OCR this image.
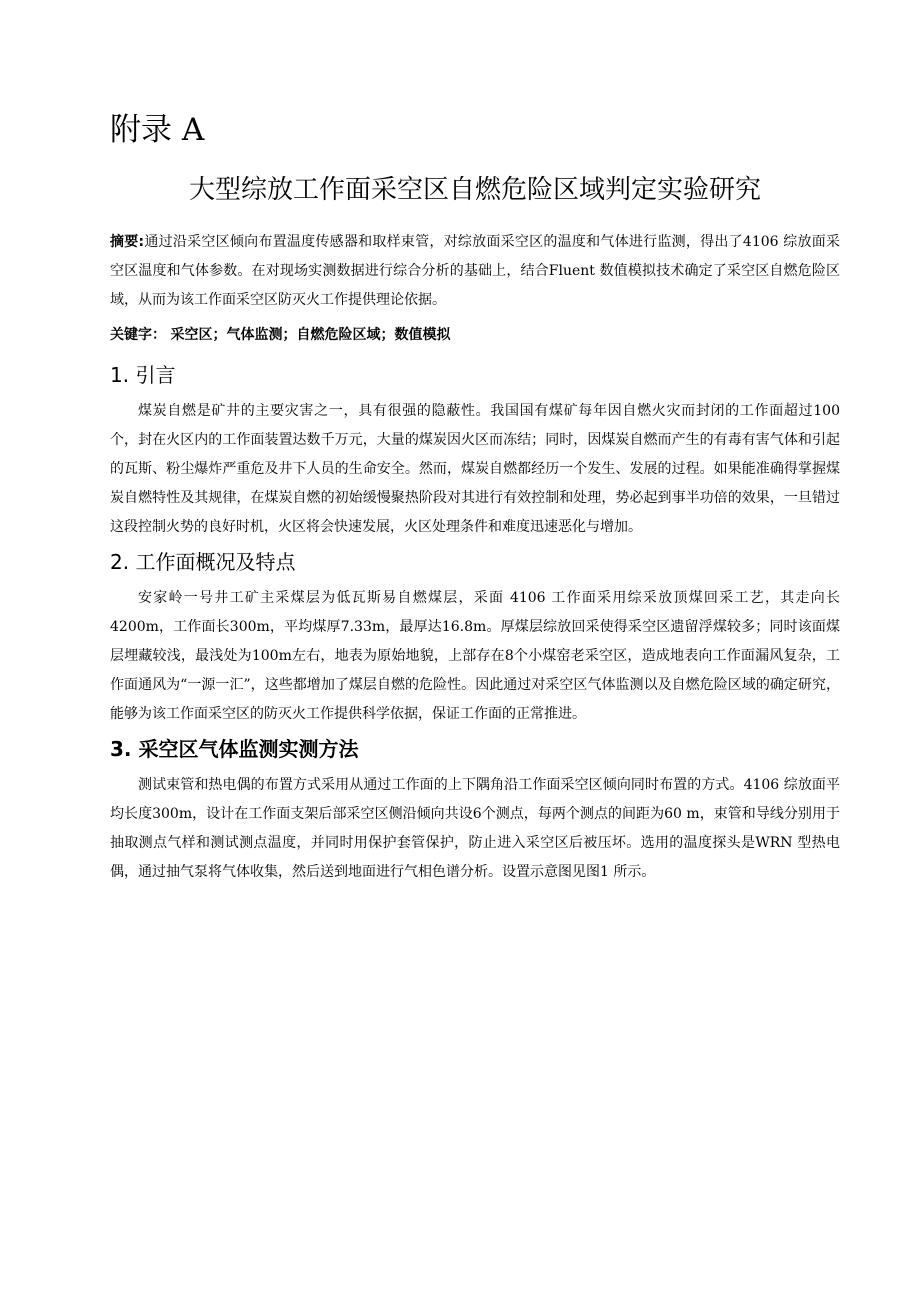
附录 A
大型综放工作面采空区自燃危险区域判定实验研究

摘要:通过沿采空区倾向布置温度传感器和取样束管，对综放面采空区的温度和气体进行监测，得出了4106 综放面采空区温度和气体参数。在对现场实测数据进行综合分析的基础上，结合Fluent 数值模拟技术确定了采空区自燃危险区域，从而为该工作面采空区防灭火工作提供理论依据。

关键字： 采空区；气体监测；自燃危险区域；数值模拟

1. 引言

煤炭自燃是矿井的主要灾害之一，具有很强的隐蔽性。我国国有煤矿每年因自燃火灾而封闭的工作面超过100 个，封在火区内的工作面装置达数千万元，大量的煤炭因火区而冻结；同时，因煤炭自燃而产生的有毒有害气体和引起的瓦斯、粉尘爆炸严重危及井下人员的生命安全。然而，煤炭自燃都经历一个发生、发展的过程。如果能准确得掌握煤炭自燃特性及其规律，在煤炭自燃的初始缓慢聚热阶段对其进行有效控制和处理，势必起到事半功倍的效果，一旦错过这段控制火势的良好时机，火区将会快速发展，火区处理条件和难度迅速恶化与增加。

2. 工作面概况及特点

安家岭一号井工矿主采煤层为低瓦斯易自燃煤层，采面 4106 工作面采用综采放顶煤回采工艺，其走向长4200m，工作面长300m，平均煤厚7.33m，最厚达16.8m。厚煤层综放回采使得采空区遗留浮煤较多；同时该面煤层埋藏较浅，最浅处为100m左右，地表为原始地貌，上部存在8个小煤窑老采空区，造成地表向工作面漏风复杂，工作面通风为“一源一汇”，这些都增加了煤层自燃的危险性。因此通过对采空区气体监测以及自燃危险区域的确定研究，能够为该工作面采空区的防灭火工作提供科学依据，保证工作面的正常推进。

3. 采空区气体监测实测方法

测试束管和热电偶的布置方式采用从通过工作面的上下隅角沿工作面采空区倾向同时布置的方式。4106 综放面平均长度300m，设计在工作面支架后部采空区侧沿倾向共设6个测点，每两个测点的间距为60 m，束管和导线分别用于抽取测点气样和测试测点温度，并同时用保护套管保护，防止进入采空区后被压坏。选用的温度探头是WRN 型热电偶，通过抽气泵将气体收集，然后送到地面进行气相色谱分析。设置示意图见图1 所示。
